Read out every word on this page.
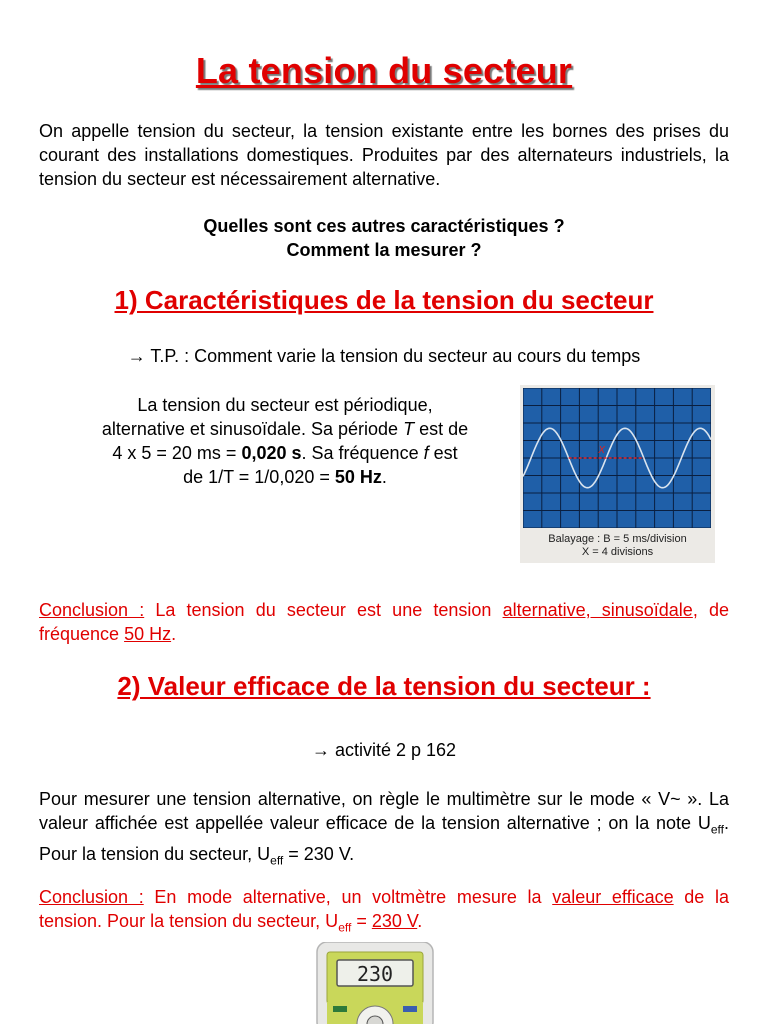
La tension du secteur
On appelle tension du secteur, la tension existante entre les bornes des prises du courant des installations domestiques. Produites par des alternateurs industriels, la tension du secteur est nécessairement alternative.
Quelles sont ces autres caractéristiques ?
Comment la mesurer ?
1) Caractéristiques de la tension du secteur
→ T.P. : Comment varie la tension du secteur au cours du temps
La tension du secteur est périodique, alternative et sinusoïdale. Sa période T est de 4 x 5 = 20 ms = 0,020 s. Sa fréquence f est de 1/T = 1/0,020 = 50 Hz.
X
Balayage : B = 5 ms/division
X = 4 divisions
Conclusion : La tension du secteur est une tension alternative, sinusoïdale, de fréquence 50 Hz.
2) Valeur efficace de la tension du secteur :
→ activité 2 p 162
Pour mesurer une tension alternative, on règle le multimètre sur le mode « V~ ». La valeur affichée est appellée valeur efficace de la tension alternative ; on la note $U_{eff}$. Pour la tension du secteur, $U_{eff} = 230$ V.
Conclusion : En mode alternative, un voltmètre mesure la valeur efficace de la tension. Pour la tension du secteur, $U_{eff} = 230$ V.
230
